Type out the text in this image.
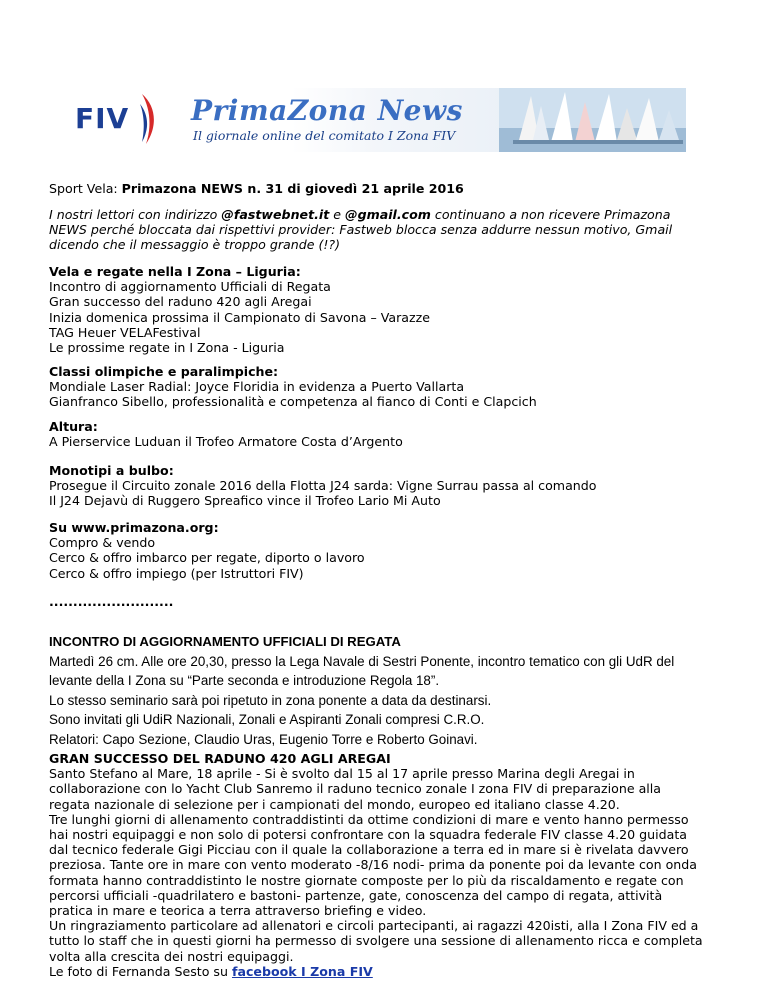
FIV PrimaZona News
Il giornale online del comitato I Zona FIV

Sport Vela: Primazona NEWS n. 31 di giovedì 21 aprile 2016

I nostri lettori con indirizzo @fastwebnet.it e @gmail.com continuano a non ricevere Primazona

NEWS perché bloccata dai rispettivi provider: Fastweb blocca senza addurre nessun motivo, Gmail

dicendo che il messaggio è troppo grande (!?)

Vela e regate nella I Zona – Liguria:

Incontro di aggiornamento Ufficiali di Regata

Gran successo del raduno 420 agli Aregai

Inizia domenica prossima il Campionato di Savona – Varazze

TAG Heuer VELAFestival

Le prossime regate in I Zona - Liguria

Classi olimpiche e paralimpiche:

Mondiale Laser Radial: Joyce Floridia in evidenza a Puerto Vallarta

Gianfranco Sibello, professionalità e competenza al fianco di Conti e Clapcich

Altura:

A Pierservice Luduan il Trofeo Armatore Costa d’Argento

Monotipi a bulbo:

Prosegue il Circuito zonale 2016 della Flotta J24 sarda: Vigne Surrau passa al comando

Il J24 Dejavù di Ruggero Spreafico vince il Trofeo Lario Mi Auto

Su www.primazona.org:

Compro & vendo

Cerco & offro imbarco per regate, diporto o lavoro

Cerco & offro impiego (per Istruttori FIV)

..........................

INCONTRO DI AGGIORNAMENTO UFFICIALI DI REGATA

Martedì 26 cm. Alle ore 20,30, presso la Lega Navale di Sestri Ponente, incontro tematico con gli UdR del

levante della I Zona su “Parte seconda e introduzione Regola 18”.

Lo stesso seminario sarà poi ripetuto in zona ponente a data da destinarsi.

Sono invitati gli UdiR Nazionali, Zonali e Aspiranti Zonali compresi C.R.O.

Relatori: Capo Sezione, Claudio Uras, Eugenio Torre e Roberto Goinavi.

GRAN SUCCESSO DEL RADUNO 420 AGLI AREGAI

Santo Stefano al Mare, 18 aprile - Si è svolto dal 15 al 17 aprile presso Marina degli Aregai in

collaborazione con lo Yacht Club Sanremo il raduno tecnico zonale I zona FIV di preparazione alla

regata nazionale di selezione per i campionati del mondo, europeo ed italiano classe 4.20.

Tre lunghi giorni di allenamento contraddistinti da ottime condizioni di mare e vento hanno permesso

hai nostri equipaggi e non solo di potersi confrontare con la squadra federale FIV classe 4.20 guidata

dal tecnico federale Gigi Picciau con il quale la collaborazione a terra ed in mare si è rivelata davvero

preziosa. Tante ore in mare con vento moderato -8/16 nodi- prima da ponente poi da levante con onda

formata hanno contraddistinto le nostre giornate composte per lo più da riscaldamento e regate con

percorsi ufficiali -quadrilatero e bastoni- partenze, gate, conoscenza del campo di regata, attività

pratica in mare e teorica a terra attraverso briefing e video.

Un ringraziamento particolare ad allenatori e circoli partecipanti, ai ragazzi 420isti, alla I Zona FIV ed a

tutto lo staff che in questi giorni ha permesso di svolgere una sessione di allenamento ricca e completa

volta alla crescita dei nostri equipaggi.

Le foto di Fernanda Sesto su facebook I Zona FIV
